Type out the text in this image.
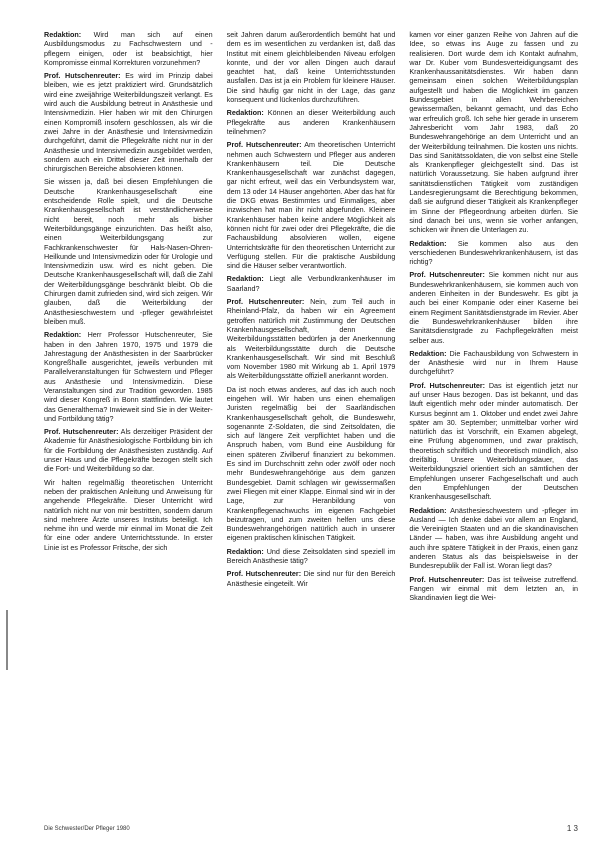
Redaktion: Wird man sich auf einen Ausbildungsmodus zu Fachschwestern und -pflegern einigen, oder ist beabsichtigt, hier Kompromisse einmal Korrekturen vorzunehmen?

Prof. Hutschenreuter: Es wird im Prinzip dabei bleiben, wie es jetzt praktiziert wird. Grundsätzlich wird eine zweijährige Weiterbildungszeit verlangt. Es wird auch die Ausbildung betreut in Anästhesie und Intensivmedizin. Hier haben wir mit den Chirurgen einen Kompromiß insofern geschlossen, als wir die zwei Jahre in der Anästhesie und Intensivmedizin durchgeführt, damit die Pflegekräfte nicht nur in der Anästhesie und Intensivmedizin ausgebildet werden, sondern auch ein Drittel dieser Zeit innerhalb der chirurgischen Bereiche absolvieren können.

Sie wissen ja, daß bei diesen Empfehlungen die Deutsche Krankenhausgesellschaft eine entscheidende Rolle spielt, und die Deutsche Krankenhausgesellschaft ist verständlicherweise nicht bereit, noch mehr als bisher Weiterbildungsgänge einzurichten. Das heißt also, einen Weiterbildungsgang zur Fachkrankenschwester für Hals-Nasen-Ohren-Heilkunde und Intensivmedizin oder für Urologie und Intensivmedizin usw. wird es nicht geben. Die Deutsche Krankenhausgesellschaft will, daß die Zahl der Weiterbildungsgänge beschränkt bleibt. Ob die Chirurgen damit zufrieden sind, wird sich zeigen. Wir glauben, daß die Weiterbildung der Anästhesieschwestern und -pfleger gewährleistet bleiben muß.

Redaktion: Herr Professor Hutschenreuter, Sie haben in den Jahren 1970, 1975 und 1979 die Jahrestagung der Anästhesisten in der Saarbrücker Kongreßhalle ausgerichtet, jeweils verbunden mit Parallelveranstaltungen für Schwestern und Pfleger aus Anästhesie und Intensivmedizin. Diese Veranstaltungen sind zur Tradition geworden. 1985 wird dieser Kongreß in Bonn stattfinden. Wie lautet das Generalthema? Inwieweit sind Sie in der Weiter- und Fortbildung tätig?

Prof. Hutschenreuter: Als derzeitiger Präsident der Akademie für Anästhesiologische Fortbildung bin ich für die Fortbildung der Anästhesisten zuständig. Auf unser Haus und die Pflegekräfte bezogen stellt sich die Fort- und Weiterbildung so dar.

Wir halten regelmäßig theoretischen Unterricht neben der praktischen Anleitung und Anweisung für angehende Pflegekräfte. Dieser Unterricht wird natürlich nicht nur von mir bestritten, sondern darum sind mehrere Ärzte unseres Instituts beteiligt. Ich nehme ihn und werde mir einmal im Monat die Zeit für eine oder andere Unterrichtsstunde. In erster Linie ist es Professor Fritsche, der sich

seit Jahren darum außerordentlich bemüht hat und dem es im wesentlichen zu verdanken ist, daß das Institut mit einem gleichbleibenden Niveau erfolgen konnte, und der vor allen Dingen auch darauf geachtet hat, daß keine Unterrichtsstunden ausfallen. Das ist ja ein Problem für kleinere Häuser. Die sind häufig gar nicht in der Lage, das ganz konsequent und lückenlos durchzuführen.

Redaktion: Können an dieser Weiterbildung auch Pflegekräfte aus anderen Krankenhäusern teilnehmen?

Prof. Hutschenreuter: Am theoretischen Unterricht nehmen auch Schwestern und Pfleger aus anderen Krankenhäusern teil. Die Deutsche Krankenhausgesellschaft war zunächst dagegen, gar nicht erfreut, weil das ein Verbundsystem war, dem 13 oder 14 Häuser angehörten. Aber das hat für die DKG etwas Bestimmtes und Einmaliges, aber inzwischen hat man ihr nicht abgefunden. Kleinere Krankenhäuser haben keine andere Möglichkeit als können nicht für zwei oder drei Pflegekräfte, die die Fachausbildung absolvieren wollen, eigene Unterrichtskräfte für den theoretischen Unterricht zur Verfügung stellen. Für die praktische Ausbildung sind die Häuser selber verantwortlich.

Redaktion: Liegt alle Verbundkrankenhäuser im Saarland?

Prof. Hutschenreuter: Nein, zum Teil auch in Rheinland-Pfalz, da haben wir ein Agreement getroffen natürlich mit Zustimmung der Deutschen Krankenhausgesellschaft, denn die Weiterbildungsstätten bedürfen ja der Anerkennung als Weiterbildungsstätte durch die Deutsche Krankenhausgesellschaft. Wir sind mit Beschluß vom November 1980 mit Wirkung ab 1. April 1979 als Weiterbildungsstätte offiziell anerkannt worden.

Da ist noch etwas anderes, auf das ich auch noch eingehen will. Wir haben uns einen ehemaligen Juristen regelmäßig bei der Saarländischen Krankenhausgesellschaft geholt, die Bundeswehr, sogenannte Z-Soldaten, die sind Zeitsoldaten, die sich auf längere Zeit verpflichtet haben und die Anspruch haben, vom Bund eine Ausbildung für einen späteren Zivilberuf finanziert zu bekommen. Es sind im Durchschnitt zehn oder zwölf oder noch mehr Bundeswehrangehörige aus dem ganzen Bundesgebiet. Damit schlagen wir gewissermaßen zwei Fliegen mit einer Klappe. Einmal sind wir in der Lage, zur Heranbildung von Krankenpflegenachwuchs im eigenen Fachgebiet beizutragen, und zum zweiten helfen uns diese Bundeswehrangehörigen natürlich auch in unserer eigenen praktischen klinischen Tätigkeit.

Redaktion: Und diese Zeitsoldaten sind speziell im Bereich Anästhesie tätig?

Prof. Hutschenreuter: Die sind nur für den Bereich Anästhesie eingeteilt. Wir

kamen vor einer ganzen Reihe von Jahren auf die Idee, so etwas ins Auge zu fassen und zu realisieren. Dort wurde dem ich Kontakt aufnahm, war Dr. Kuber vom Bundesverteidigungsamt des Krankenhaussanitätsdienstes. Wir haben dann gemeinsam einen solchen Weiterbildungsplan aufgestellt und haben die Möglichkeit im ganzen Bundesgebiet in allen Wehrbereichen gewissermaßen, bekannt gemacht, und das Echo war erfreulich groß. Ich sehe hier gerade in unserem Jahresbericht vom Jahr 1983, daß 20 Bundeswehrangehörige an dem Unterricht und an der Weiterbildung teilnahmen. Die kosten uns nichts. Das sind Sanitätssoldaten, die von selbst eine Stelle als Krankenpfleger gleichgestellt sind. Das ist natürlich Voraussetzung. Sie haben aufgrund ihrer sanitätsdienstlichen Tätigkeit vom zuständigen Landesregierungsamt die Berechtigung bekommen, daß sie aufgrund dieser Tätigkeit als Krankenpfleger im Sinne der Pflegeordnung arbeiten dürfen. Sie sind danach bei uns, wenn sie vorher anfangen, schicken wir ihnen die Unterlagen zu.

Redaktion: Sie kommen also aus den verschiedenen Bundeswehrkrankenhäusern, ist das richtig?

Prof. Hutschenreuter: Sie kommen nicht nur aus Bundeswehrkrankenhäusern, sie kommen auch von anderen Einheiten in der Bundeswehr. Es gibt ja auch bei einer Kompanie oder einer Kaserne bei einem Regiment Sanitätsdienstgrade im Revier. Aber die Bundeswehrkrankenhäuser bilden ihre Sanitätsdienstgrade zu Fachpflegekräften meist selber aus.

Redaktion: Die Fachausbildung von Schwestern in der Anästhesie wird nur in Ihrem Hause durchgeführt?

Prof. Hutschenreuter: Das ist eigentlich jetzt nur auf unser Haus bezogen. Das ist bekannt, und das läuft eigentlich mehr oder minder automatisch. Der Kursus beginnt am 1. Oktober und endet zwei Jahre später am 30. September; unmittelbar vorher wird natürlich das ist Vorschrift, ein Examen abgelegt, eine Prüfung abgenommen, und zwar praktisch, theoretisch schriftlich und theoretisch mündlich, also dreifältig. Unsere Weiterbildungsdauer, das Weiterbildungsziel orientiert sich an sämtlichen der Empfehlungen unserer Fachgesellschaft und auch den Empfehlungen der Deutschen Krankenhausgesellschaft.

Redaktion: Anästhesieschwestern und -pfleger im Ausland — Ich denke dabei vor allem an England, die Vereinigten Staaten und an die skandinavischen Länder — haben, was ihre Ausbildung angeht und auch ihre spätere Tätigkeit in der Praxis, einen ganz anderen Status als das beispielsweise in der Bundesrepublik der Fall ist. Woran liegt das?

Prof. Hutschenreuter: Das ist teilweise zutreffend. Fangen wir einmal mit dem letzten an, in Skandinavien liegt die Wei-

Die Schwester/Der Pfleger 1980	1 3
